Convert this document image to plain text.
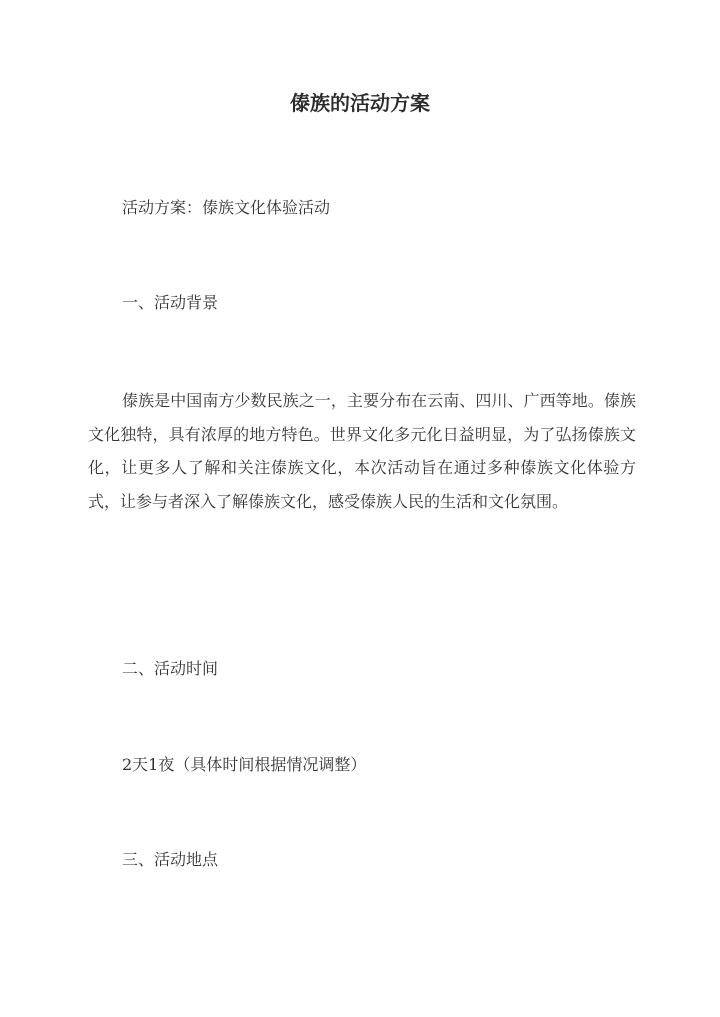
傣族的活动方案

活动方案：傣族文化体验活动

一、活动背景

傣族是中国南方少数民族之一，主要分布在云南、四川、广西等地。傣族文化独特，具有浓厚的地方特色。世界文化多元化日益明显，为了弘扬傣族文化，让更多人了解和关注傣族文化，本次活动旨在通过多种傣族文化体验方式，让参与者深入了解傣族文化，感受傣族人民的生活和文化氛围。

二、活动时间

2天1夜（具体时间根据情况调整）

三、活动地点
